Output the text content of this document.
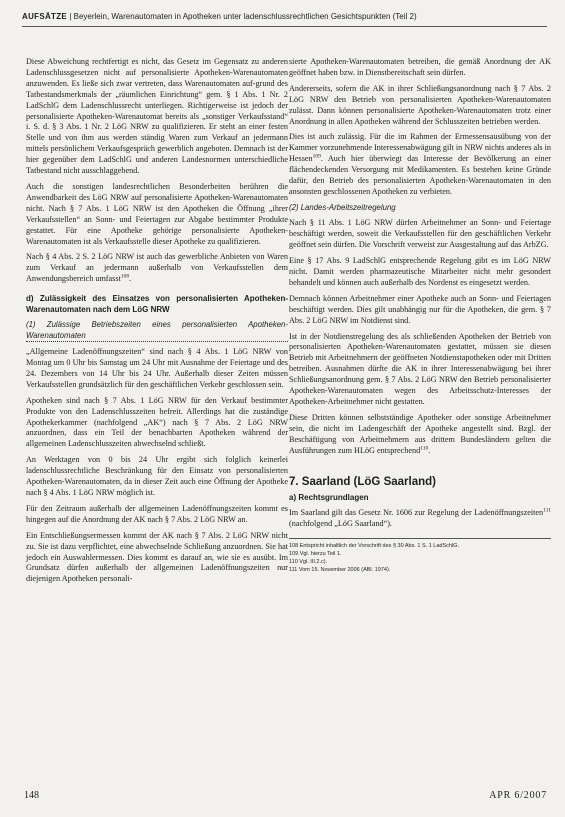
AUFSÄTZE | Beyerlein, Warenautomaten in Apotheken unter ladenschlussrechtlichen Gesichtspunkten (Teil 2)

Diese Abweichung rechtfertigt es nicht, das Gesetz im Gegensatz zu anderen Ladenschlussgesetzen nicht auf personalisierte Apotheken-Warenautomaten anzuwenden. Es ließe sich zwar vertreten, dass Warenautomaten auf-grund des Tatbestandsmerkmals der „räumlichen Einrichtung“ gem. § 1 Abs. 1 Nr. 2 LadSchlG dem Ladenschlussrecht unterliegen. Richtigerweise ist jedoch der personalisierte Apotheken-Warenautomat bereits als „sonstiger Verkaufsstand“ i. S. d. § 3 Abs. 1 Nr. 2 LöG NRW zu qualifizieren. Er steht an einer festen Stelle und von ihm aus werden ständig Waren zum Verkauf an jedermann mittels persönlichem Verkaufsgespräch gewerblich angeboten. Demnach ist der hier gegenüber dem LadSchlG und anderen Landesnormen unterschiedliche Tatbestand nicht ausschlaggebend.

Auch die sonstigen landesrechtlichen Besonderheiten berühren die Anwendbarkeit des LöG NRW auf personalisierte Apotheken-Warenautomaten nicht. Nach § 7 Abs. 1 LöG NRW ist den Apotheken die Öffnung „ihrer Verkaufsstellen“ an Sonn- und Feiertagen zur Abgabe bestimmter Produkte gestattet. Für eine Apotheke gehörige personalisierte Apotheken-Warenautomaten ist als Verkaufsstelle dieser Apotheke zu qualifizieren.

Nach § 4 Abs. 2 S. 2 LöG NRW ist auch das gewerbliche Anbieten von Waren zum Verkauf an jedermann außerhalb von Verkaufsstellen dem Anwendungsbereich umfasst$^{108}$.

d) Zulässigkeit des Einsatzes von personalisierten Apotheken-Warenautomaten nach dem LöG NRW
(1) Zulässige Betriebszeiten eines personalisierten Apotheken-Warenautomaten

„Allgemeine Ladenöffnungszeiten“ sind nach § 4 Abs. 1 LöG NRW von Montag um 0 Uhr bis Samstag um 24 Uhr mit Ausnahme der Feiertage und des 24. Dezembers von 14 Uhr bis 24 Uhr. Außerhalb dieser Zeiten müssen Verkaufsstellen grundsätzlich für den geschäftlichen Verkehr geschlossen sein.

Apotheken sind nach § 7 Abs. 1 LöG NRW für den Verkauf bestimmter Produkte von den Ladenschlusszeiten befreit. Allerdings hat die zuständige Apothekerkammer (nachfolgend „AK“) nach § 7 Abs. 2 LöG NRW anzuordnen, dass ein Teil der benachbarten Apotheken während der allgemeinen Ladenschlusszeiten abwechselnd schließt.

An Werktagen von 0 bis 24 Uhr ergibt sich folglich keinerlei ladenschlussrechtliche Beschränkung für den Einsatz von personalisierten Apotheken-Warenautomaten, da in dieser Zeit auch eine Öffnung der Apotheke nach § 4 Abs. 1 LöG NRW möglich ist.

Für den Zeitraum außerhalb der allgemeinen Ladenöffnungszeiten kommt es hingegen auf die Anordnung der AK nach § 7 Abs. 2 LöG NRW an.

Ein Entschließungsermessen kommt der AK nach § 7 Abs. 2 LöG NRW nicht zu. Sie ist dazu verpflichtet, eine abwechselnde Schließung anzuordnen. Sie hat jedoch ein Auswahlermessen. Dies kommt es darauf an, wie sie es ausübt. Im Grundsatz dürfen außerhalb der allgemeinen Ladenöffnungszeiten nur diejenigen Apotheken personali-

sierte Apotheken-Warenautomaten betreiben, die gemäß Anordnung der AK geöffnet haben bzw. in Dienstbereitschaft sein dürfen.

Andererseits, sofern die AK in ihrer Schließungsanordnung nach § 7 Abs. 2 LöG NRW den Betrieb von personalisierten Apotheken-Warenautomaten zulässt. Dann können personalisierte Apotheken-Warenautomaten trotz einer Anordnung in allen Apotheken während der Schlusszeiten betrieben werden.

Dies ist auch zulässig. Für die im Rahmen der Ermessensausübung von der Kammer vorzunehmende Interessenabwägung gilt in NRW nichts anderes als in Hessen$^{109}$. Auch hier überwiegt das Interesse der Bevölkerung an einer flächendeckenden Versorgung mit Medikamenten. Es bestehen keine Gründe dafür, den Betrieb des personalisierten Apotheken-Warenautomaten in den ansonsten geschlossenen Apotheken zu verbieten.

(2) Landes-Arbeitszeitregelung

Nach § 11 Abs. 1 LöG NRW dürfen Arbeitnehmer an Sonn- und Feiertage beschäftigt werden, soweit die Verkaufsstellen für den geschäftlichen Verkehr geöffnet sein dürfen. Die Vorschrift verweist zur Ausgestaltung auf das ArbZG.

Eine § 17 Abs. 9 LadSchlG entsprechende Regelung gibt es im LöG NRW nicht. Damit werden pharmazeutische Mitarbeiter nicht mehr gesondert behandelt und können auch außerhalb des Nordenst es eingesetzt werden.

Demnach können Arbeitnehmer einer Apotheke auch an Sonn- und Feiertagen beschäftigt werden. Dies gilt unabhängig nur für die Apotheken, die gem. § 7 Abs. 2 LöG NRW im Notdienst sind.

Ist in der Notdienstregelung des als schließenden Apotheken der Betrieb von personalisierten Apotheken-Warenautomaten gestattet, müssen sie diesen Betrieb mit Arbeitnehmern der geöffneten Notdienstapotheken oder mit Dritten betreiben. Ausnahmen dürfte die AK in ihrer Interessenabwägung bei ihrer Schließungsanordnung gem. § 7 Abs. 2 LöG NRW den Betrieb personalisierter Apotheken-Warenautomaten wegen des Arbeitsschutz-Interesses der Apotheken-Arbeitnehmer nicht gestatten.

Diese Dritten können selbstständige Apotheker oder sonstige Arbeitnehmer sein, die nicht im Ladengeschäft der Apotheke angestellt sind. Bzgl. der Beschäftigung von Arbeitnehmern aus drittem Bundesländern gelten die Ausführungen zum HLöG entsprechend$^{110}$.

7. Saarland (LöG Saarland)
a) Rechtsgrundlagen

Im Saarland gilt das Gesetz Nr. 1606 zur Regelung der Ladenöffnungszeiten$^{111}$ (nachfolgend „LöG Saarland“).

108 Entspricht inhaltlich der Vorschrift des § 30 Abs. 1 S. 1 LadSchlG.
109 Vgl. hierzu Teil 1.
110 Vgl. III.2.c).
111 Vom 15. November 2006 (ABl. 1974).
148	APR 6/2007
